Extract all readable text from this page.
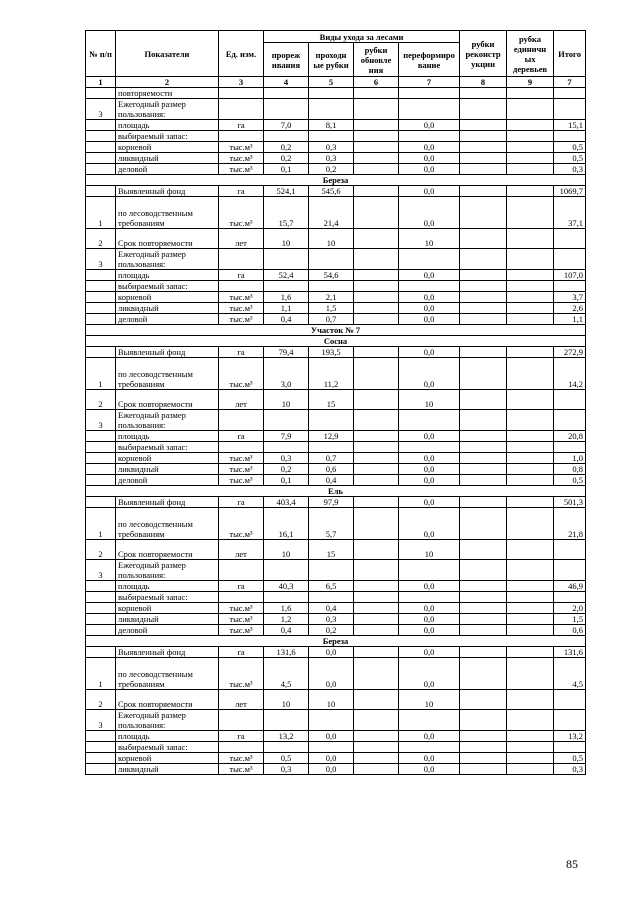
№ п/п	Показатели	Ед. изм.	Виды ухода за лесами				рубки реконстр укции	рубка единичн ых деревьев	Итого
			прореж ивания	проходн ые рубки	рубки обновле ния	переформиро вание			
1	2	3	4	5	6	7	8	9	7
	повторяемости								
3	Ежегодный размер пользования:								
	площадь	га	7,0	8,1		0,0			15,1
	выбираемый запас:								
	корневой	тыс.м³	0,2	0,3		0,0			0,5
	ликвидный	тыс.м³	0,2	0,3		0,0			0,5
	деловой	тыс.м³	0,1	0,2		0,0			0,3
Береза									
	Выявленный фонд	га	524,1	545,6		0,0			1069,7
1	по лесоводственным требованиям	тыс.м³	15,7	21,4		0,0			37,1
2	Срок повторяемости	лет	10	10		10			
3	Ежегодный размер пользования:								
	площадь	га	52,4	54,6		0,0			107,0
	выбираемый запас:								
	корневой	тыс.м³	1,6	2,1		0,0			3,7
	ликвидный	тыс.м³	1,1	1,5		0,0			2,6
	деловой	тыс.м³	0,4	0,7		0,0			1,1
Участок № 7									
Сосна									
	Выявленный фонд	га	79,4	193,5		0,0			272,9
1	по лесоводственным требованиям	тыс.м³	3,0	11,2		0,0			14,2
2	Срок повторяемости	лет	10	15		10			
3	Ежегодный размер пользования:								
	площадь	га	7,9	12,9		0,0			20,8
	выбираемый запас:								
	корневой	тыс.м³	0,3	0,7		0,0			1,0
	ликвидный	тыс.м³	0,2	0,6		0,0			0,8
	деловой	тыс.м³	0,1	0,4		0,0			0,5
Ель									
	Выявленный фонд	га	403,4	97,9		0,0			501,3
1	по лесоводственным требованиям	тыс.м³	16,1	5,7		0,0			21,8
2	Срок повторяемости	лет	10	15		10			
3	Ежегодный размер пользования:								
	площадь	га	40,3	6,5		0,0			46,9
	выбираемый запас:								
	корневой	тыс.м³	1,6	0,4		0,0			2,0
	ликвидный	тыс.м³	1,2	0,3		0,0			1,5
	деловой	тыс.м³	0,4	0,2		0,0			0,6
Береза									
	Выявленный фонд	га	131,6	0,0		0,0			131,6
1	по лесоводственным требованиям	тыс.м³	4,5	0,0		0,0			4,5
2	Срок повторяемости	лет	10	10		10			
3	Ежегодный размер пользования:								
	площадь	га	13,2	0,0		0,0			13,2
	выбираемый запас:								
	корневой	тыс.м³	0,5	0,0		0,0			0,5
	ликвидный	тыс.м³	0,3	0,0		0,0			0,3
85
